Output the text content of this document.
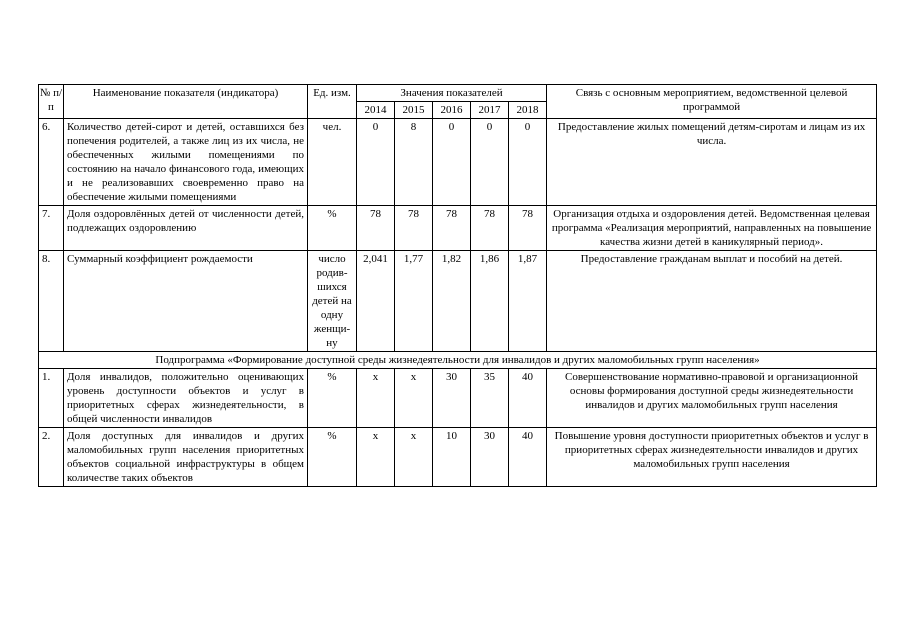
№ п/п	Наименование показателя (индикатора)	Ед. изм.	Значения показателей					Связь с основным мероприятием, ведомственной целевой программой
			2014	2015	2016	2017	2018	
6.	Количество детей-сирот и детей, оставшихся без попечения родителей, а также лиц из их числа, не обеспеченных жилыми помещениями по состоянию на начало финансового года, имеющих и не реализовавших своевременно право на обеспечение жилыми помещениями	чел.	0	8	0	0	0	Предоставление жилых помещений детям-сиротам и лицам из их числа.
7.	Доля оздоровлённых детей от численности детей, подлежащих оздоровлению	%	78	78	78	78	78	Организация отдыха и оздоровления детей. Ведомственная целевая программа «Реализация мероприятий, направленных на повышение качества жизни детей в каникулярный период».
8.	Суммарный коэффициент рождаемости	число родив-шихся детей на одну женщи-ну	2,041	1,77	1,82	1,86	1,87	Предоставление гражданам выплат и пособий на детей.
Подпрограмма «Формирование доступной среды жизнедеятельности для инвалидов и других маломобильных групп населения»								
1.	Доля инвалидов, положительно оценивающих уровень доступности объектов и услуг в приоритетных сферах жизнедеятельности, в общей численности инвалидов	%	х	х	30	35	40	Совершенствование нормативно-правовой и организационной основы формирования доступной среды жизнедеятельности инвалидов и других маломобильных групп населения
2.	Доля доступных для инвалидов и других маломобильных групп населения приоритетных объектов социальной инфраструктуры в общем количестве таких объектов	%	х	х	10	30	40	Повышение уровня доступности приоритетных объектов и услуг в приоритетных сферах жизнедеятельности инвалидов и других маломобильных групп населения
